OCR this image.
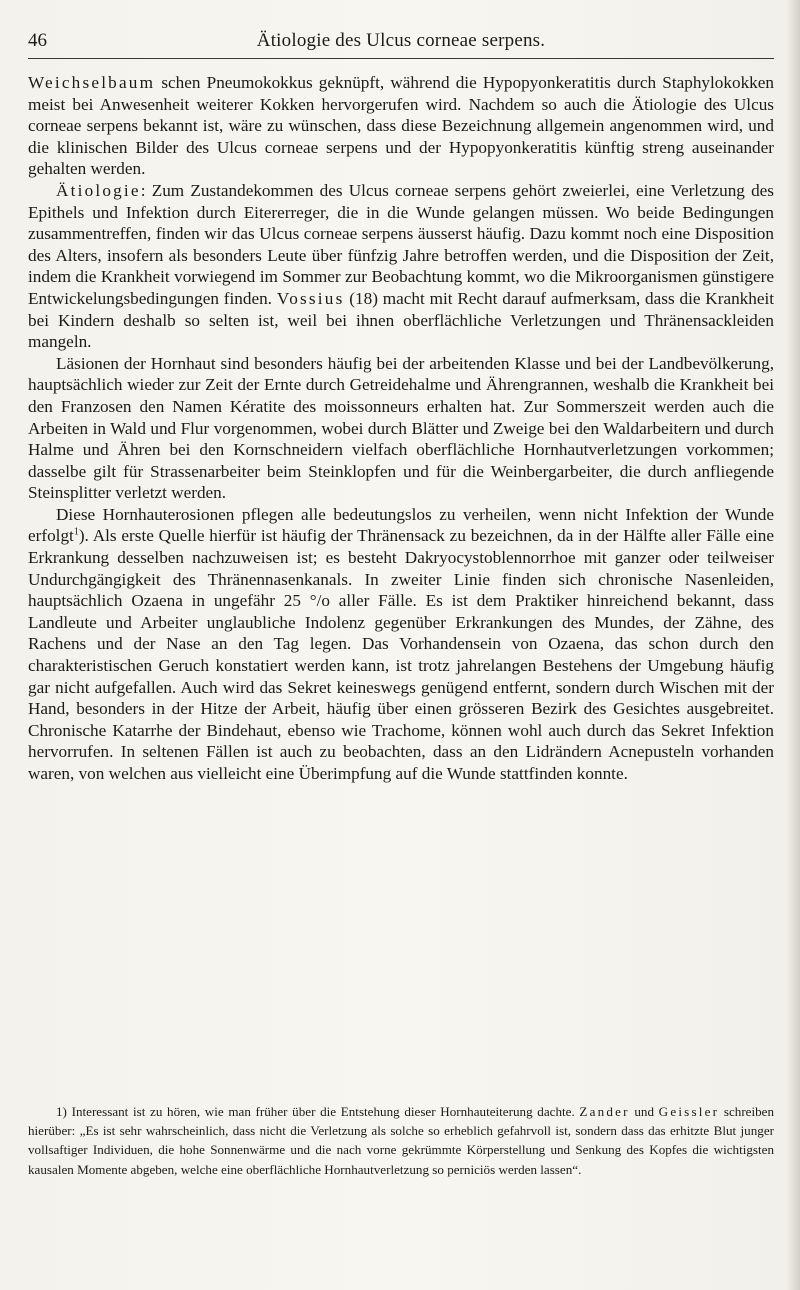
46	Ätiologie des Ulcus corneae serpens.

Weichselbaum schen Pneumokokkus geknüpft, während die Hypopyonkeratitis durch Staphylokokken meist bei Anwesenheit weiterer Kokken hervorgerufen wird. Nachdem so auch die Ätiologie des Ulcus corneae serpens bekannt ist, wäre zu wünschen, dass diese Bezeichnung allgemein angenommen wird, und die klinischen Bilder des Ulcus corneae serpens und der Hypopyonkeratitis künftig streng auseinander gehalten werden.

Ätiologie: Zum Zustandekommen des Ulcus corneae serpens gehört zweierlei, eine Verletzung des Epithels und Infektion durch Eitererreger, die in die Wunde gelangen müssen. Wo beide Bedingungen zusammentreffen, finden wir das Ulcus corneae serpens äusserst häufig. Dazu kommt noch eine Disposition des Alters, insofern als besonders Leute über fünfzig Jahre betroffen werden, und die Disposition der Zeit, indem die Krankheit vorwiegend im Sommer zur Beobachtung kommt, wo die Mikroorganismen günstigere Entwickelungsbedingungen finden. Vossius (18) macht mit Recht darauf aufmerksam, dass die Krankheit bei Kindern deshalb so selten ist, weil bei ihnen oberflächliche Verletzungen und Thränensackleiden mangeln.

Läsionen der Hornhaut sind besonders häufig bei der arbeitenden Klasse und bei der Landbevölkerung, hauptsächlich wieder zur Zeit der Ernte durch Getreidehalme und Ährengrannen, weshalb die Krankheit bei den Franzosen den Namen Kératite des moissonneurs erhalten hat. Zur Sommerszeit werden auch die Arbeiten in Wald und Flur vorgenommen, wobei durch Blätter und Zweige bei den Waldarbeitern und durch Halme und Ähren bei den Kornschneidern vielfach oberflächliche Hornhautverletzungen vorkommen; dasselbe gilt für Strassenarbeiter beim Steinklopfen und für die Weinbergarbeiter, die durch anfliegende Steinsplitter verletzt werden.

Diese Hornhauterosionen pflegen alle bedeutungslos zu verheilen, wenn nicht Infektion der Wunde erfolgt$^1$). Als erste Quelle hierfür ist häufig der Thränensack zu bezeichnen, da in der Hälfte aller Fälle eine Erkrankung desselben nachzuweisen ist; es besteht Dakryocystoblennorrhoe mit ganzer oder teilweiser Undurchgängigkeit des Thränennasenkanals. In zweiter Linie finden sich chronische Nasenleiden, hauptsächlich Ozaena in ungefähr 25 °/o aller Fälle. Es ist dem Praktiker hinreichend bekannt, dass Landleute und Arbeiter unglaubliche Indolenz gegenüber Erkrankungen des Mundes, der Zähne, des Rachens und der Nase an den Tag legen. Das Vorhandensein von Ozaena, das schon durch den charakteristischen Geruch konstatiert werden kann, ist trotz jahrelangen Bestehens der Umgebung häufig gar nicht aufgefallen. Auch wird das Sekret keineswegs genügend entfernt, sondern durch Wischen mit der Hand, besonders in der Hitze der Arbeit, häufig über einen grösseren Bezirk des Gesichtes ausgebreitet. Chronische Katarrhe der Bindehaut, ebenso wie Trachome, können wohl auch durch das Sekret Infektion hervorrufen. In seltenen Fällen ist auch zu beobachten, dass an den Lidrändern Acnepusteln vorhanden waren, von welchen aus vielleicht eine Überimpfung auf die Wunde stattfinden konnte.

1) Interessant ist zu hören, wie man früher über die Entstehung dieser Hornhauteiterung dachte. Zander und Geissler schreiben hierüber: „Es ist sehr wahrscheinlich, dass nicht die Verletzung als solche so erheblich gefahrvoll ist, sondern dass das erhitzte Blut junger vollsaftiger Individuen, die hohe Sonnenwärme und die nach vorne gekrümmte Körperstellung und Senkung des Kopfes die wichtigsten kausalen Momente abgeben, welche eine oberflächliche Hornhautverletzung so perniciös werden lassen“.
